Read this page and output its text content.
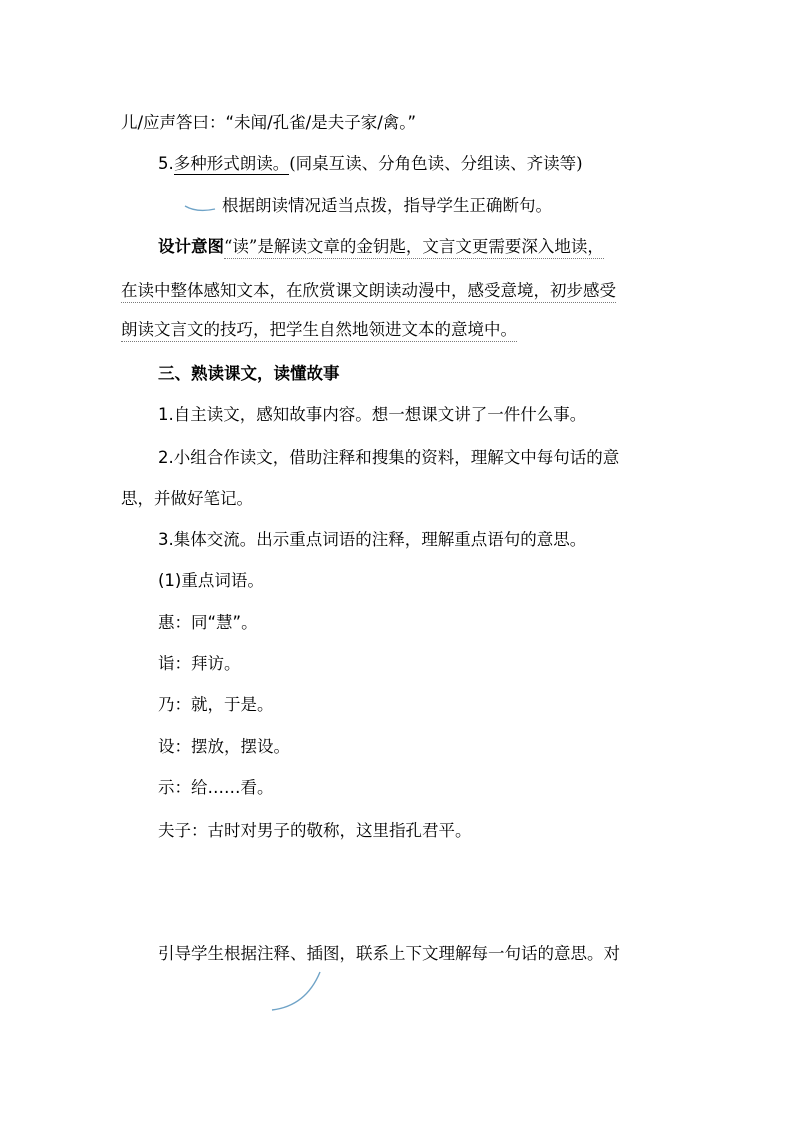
儿/应声答曰：“未闻/孔雀/是夫子家/禽。”
5.多种形式朗读。(同桌互读、分角色读、分组读、齐读等)
根据朗读情况适当点拨，指导学生正确断句。
设计意图“读”是解读文章的金钥匙，文言文更需要深入地读，
在读中整体感知文本，在欣赏课文朗读动漫中，感受意境，初步感受
朗读文言文的技巧，把学生自然地领进文本的意境中。
三、熟读课文，读懂故事
1.自主读文，感知故事内容。想一想课文讲了一件什么事。
2.小组合作读文，借助注释和搜集的资料，理解文中每句话的意
思，并做好笔记。
3.集体交流。出示重点词语的注释，理解重点语句的意思。
(1)重点词语。
惠：同“慧”。
诣：拜访。
乃：就，于是。
设：摆放，摆设。
示：给……看。
夫子：古时对男子的敬称，这里指孔君平。
引导学生根据注释、插图，联系上下文理解每一句话的意思。对
